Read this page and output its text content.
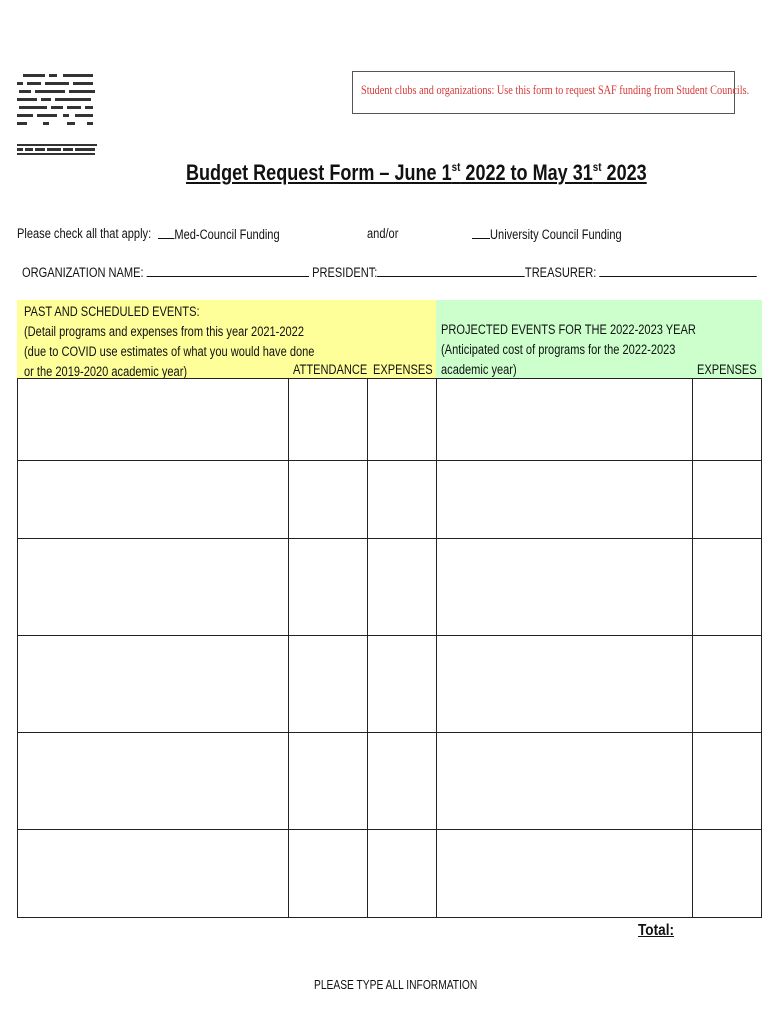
Student clubs and organizations: Use this form to request SAF funding from Student Councils.
Budget Request Form – June 1st 2022 to May 31st 2023
Please check all that apply:	Med-Council Funding	and/or	University Council Funding
ORGANIZATION NAME:	PRESIDENT:	TREASURER:
PAST AND SCHEDULED EVENTS:
(Detail programs and expenses from this year 2021-2022
(due to COVID use estimates of what you would have done
or the 2019-2020 academic year)	ATTENDANCE EXPENSES
PROJECTED EVENTS FOR THE 2022-2023 YEAR
(Anticipated cost of programs for the 2022-2023
academic year)	EXPENSES
Total:
PLEASE TYPE ALL INFORMATION
